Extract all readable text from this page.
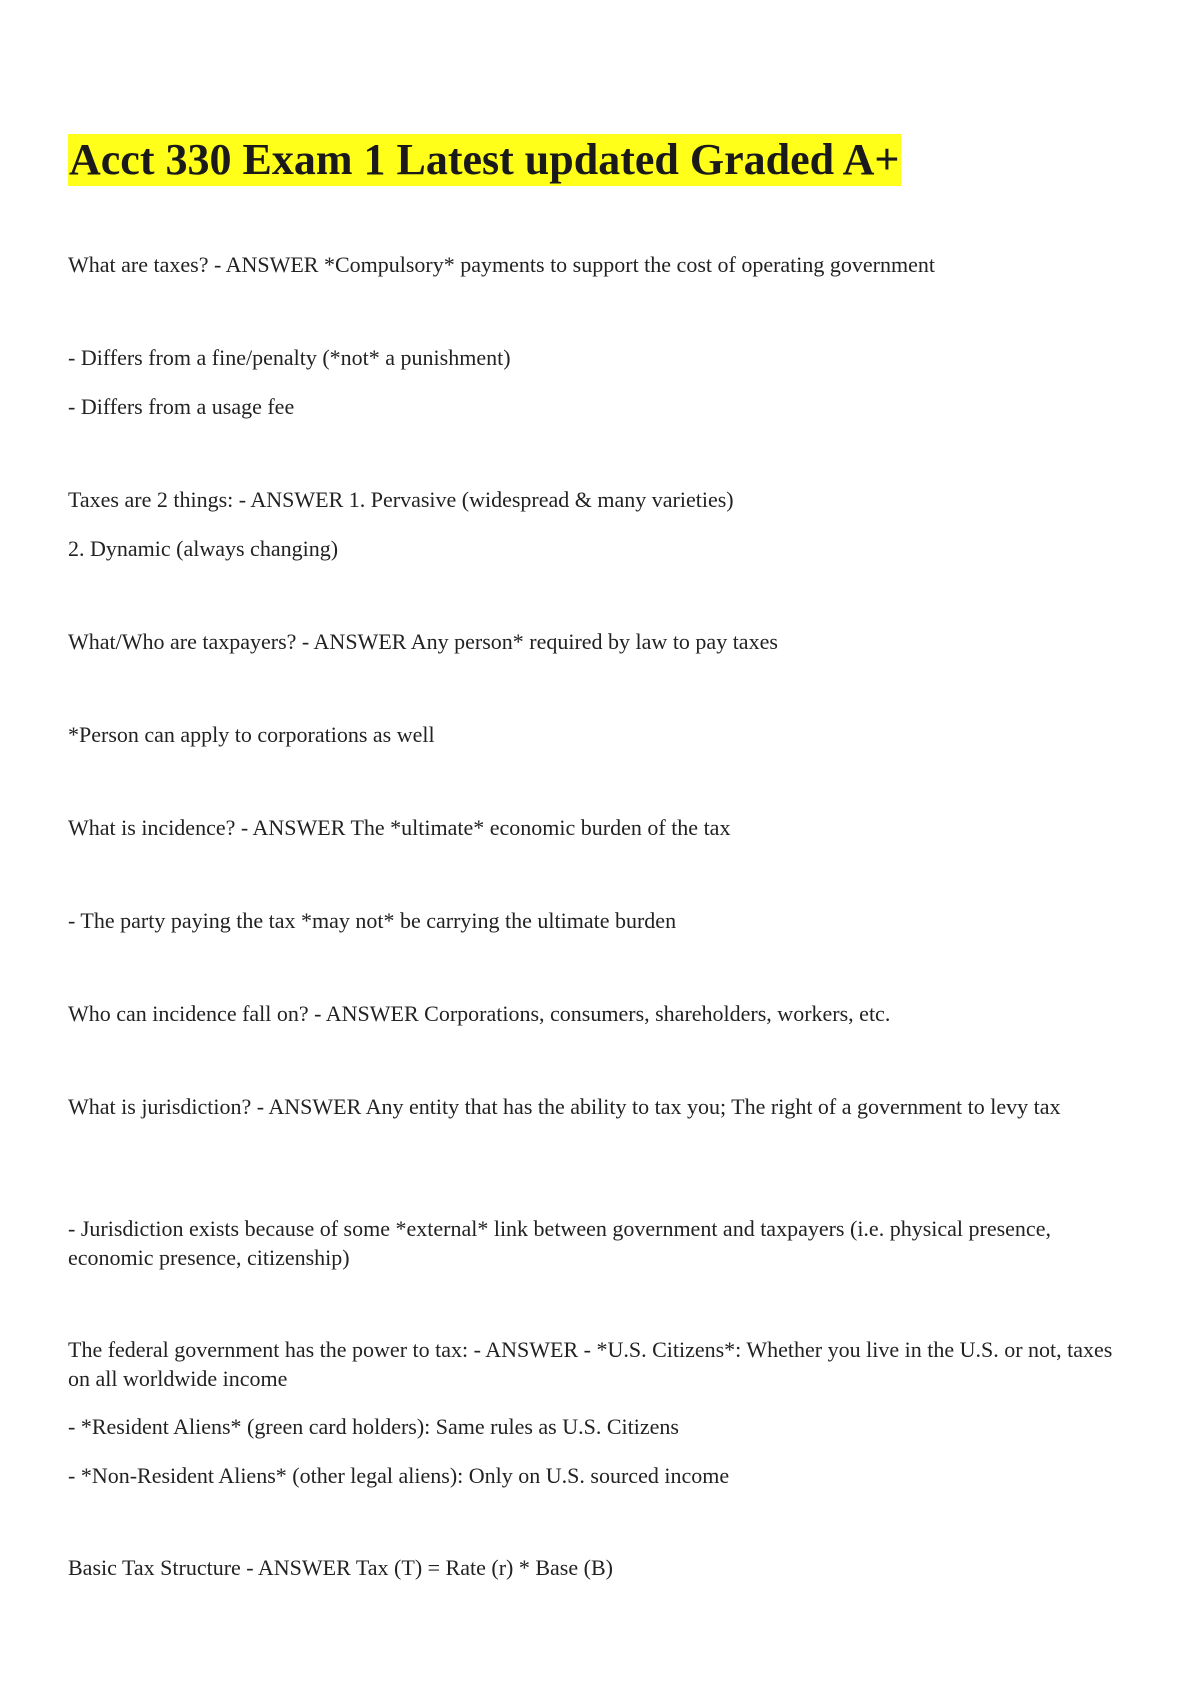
Acct 330 Exam 1 Latest updated Graded A+

What are taxes? - ANSWER *Compulsory* payments to support the cost of operating government

- Differs from a fine/penalty (*not* a punishment)

- Differs from a usage fee

Taxes are 2 things: - ANSWER 1. Pervasive (widespread & many varieties)

2. Dynamic (always changing)

What/Who are taxpayers? - ANSWER Any person* required by law to pay taxes

*Person can apply to corporations as well

What is incidence? - ANSWER The *ultimate* economic burden of the tax

- The party paying the tax *may not* be carrying the ultimate burden

Who can incidence fall on? - ANSWER Corporations, consumers, shareholders, workers, etc.

What is jurisdiction? - ANSWER Any entity that has the ability to tax you; The right of a government to levy tax

- Jurisdiction exists because of some *external* link between government and taxpayers (i.e. physical presence, economic presence, citizenship)

The federal government has the power to tax: - ANSWER - *U.S. Citizens*: Whether you live in the U.S. or not, taxes on all worldwide income

- *Resident Aliens* (green card holders): Same rules as U.S. Citizens

- *Non-Resident Aliens* (other legal aliens): Only on U.S. sourced income

Basic Tax Structure - ANSWER Tax (T) = Rate (r) * Base (B)
